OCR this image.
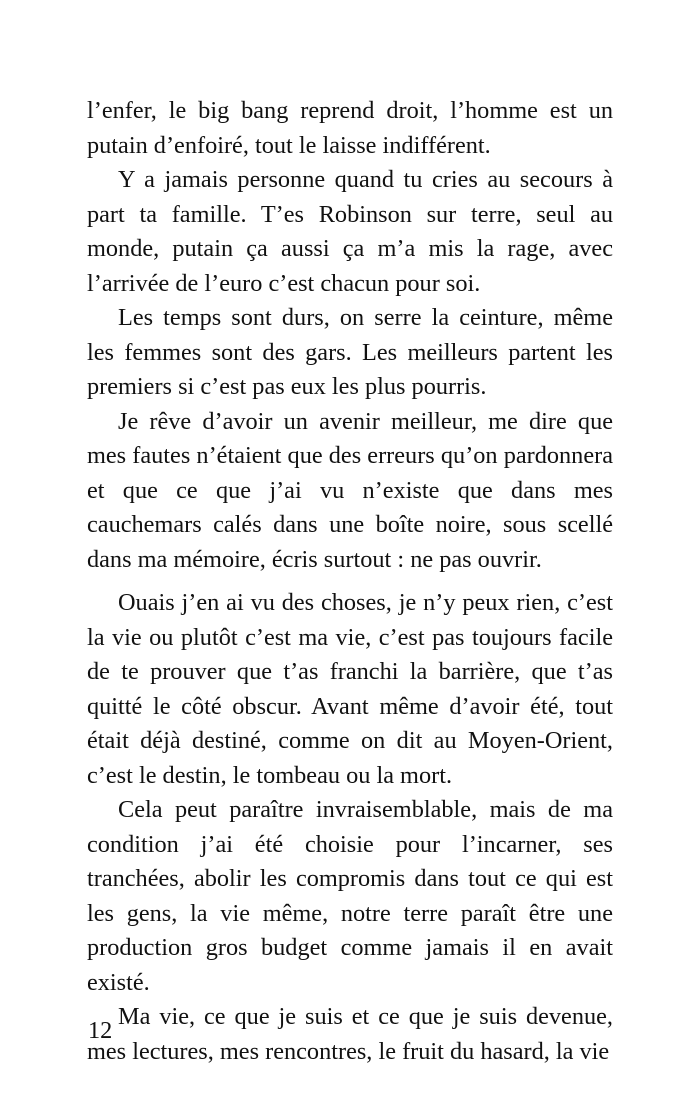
l’enfer, le big bang reprend droit, l’homme est un putain d’enfoiré, tout le laisse indifférent.

Y a jamais personne quand tu cries au secours à part ta famille. T’es Robinson sur terre, seul au monde, putain ça aussi ça m’a mis la rage, avec l’arrivée de l’euro c’est chacun pour soi.

Les temps sont durs, on serre la ceinture, même les femmes sont des gars. Les meilleurs partent les premiers si c’est pas eux les plus pourris.

Je rêve d’avoir un avenir meilleur, me dire que mes fautes n’étaient que des erreurs qu’on pardonnera et que ce que j’ai vu n’existe que dans mes cauchemars calés dans une boîte noire, sous scellé dans ma mémoire, écris surtout : ne pas ouvrir.

Ouais j’en ai vu des choses, je n’y peux rien, c’est la vie ou plutôt c’est ma vie, c’est pas toujours facile de te prouver que t’as franchi la barrière, que t’as quitté le côté obscur. Avant même d’avoir été, tout était déjà destiné, comme on dit au Moyen-Orient, c’est le destin, le tombeau ou la mort.

Cela peut paraître invraisemblable, mais de ma condition j’ai été choisie pour l’incarner, ses tranchées, abolir les compromis dans tout ce qui est les gens, la vie même, notre terre paraît être une production gros budget comme jamais il en avait existé.

Ma vie, ce que je suis et ce que je suis devenue, mes lectures, mes rencontres, le fruit du hasard, la vie

12
